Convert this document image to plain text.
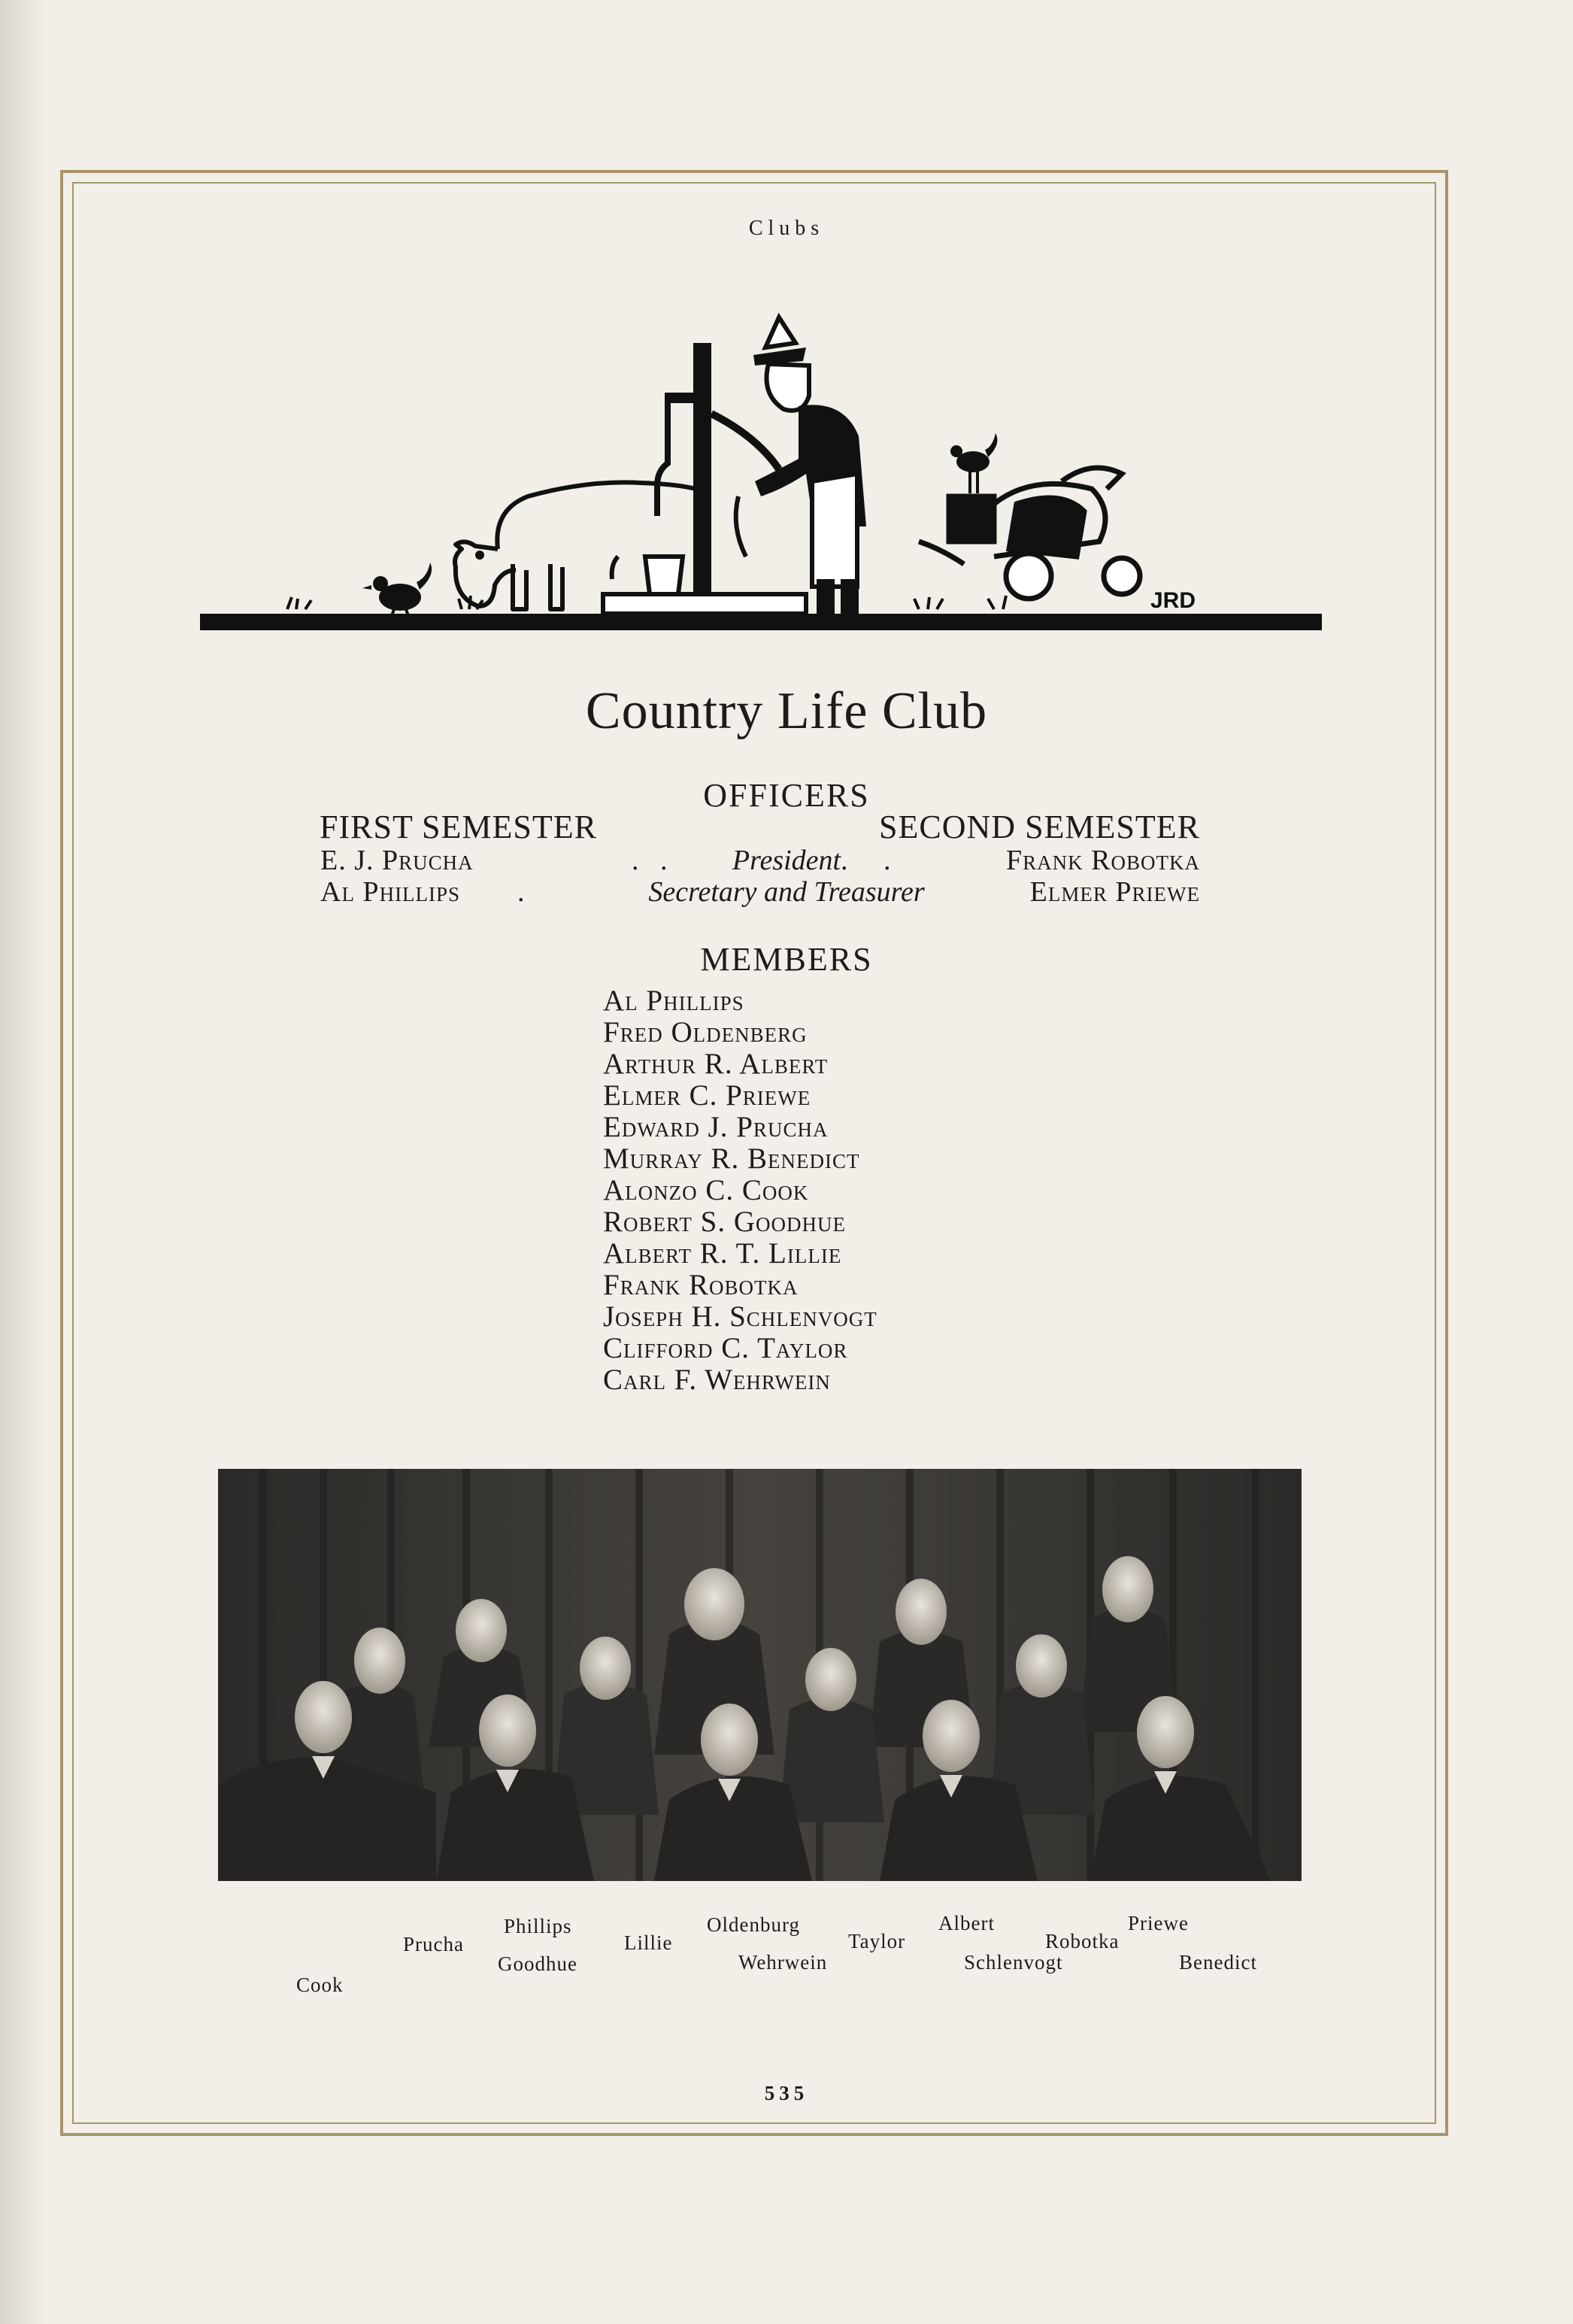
Clubs
JRD
Country Life Club
OFFICERS
FIRST SEMESTER	SECOND SEMESTER
E. J. Prucha	.   .	President .     .	Frank Robotka
Al Phillips .	Secretary and Treasurer	Elmer Priewe
MEMBERS
Al Phillips
Fred Oldenberg
Arthur R. Albert
Elmer C. Priewe
Edward J. Prucha
Murray R. Benedict
Alonzo C. Cook
Robert S. Goodhue
Albert R. T. Lillie
Frank Robotka
Joseph H. Schlenvogt
Clifford C. Taylor
Carl F. Wehrwein
Cook
Prucha
Phillips
Goodhue
Lillie
Oldenburg
Wehrwein
Taylor
Albert
Schlenvogt
Robotka
Priewe
Benedict
535
